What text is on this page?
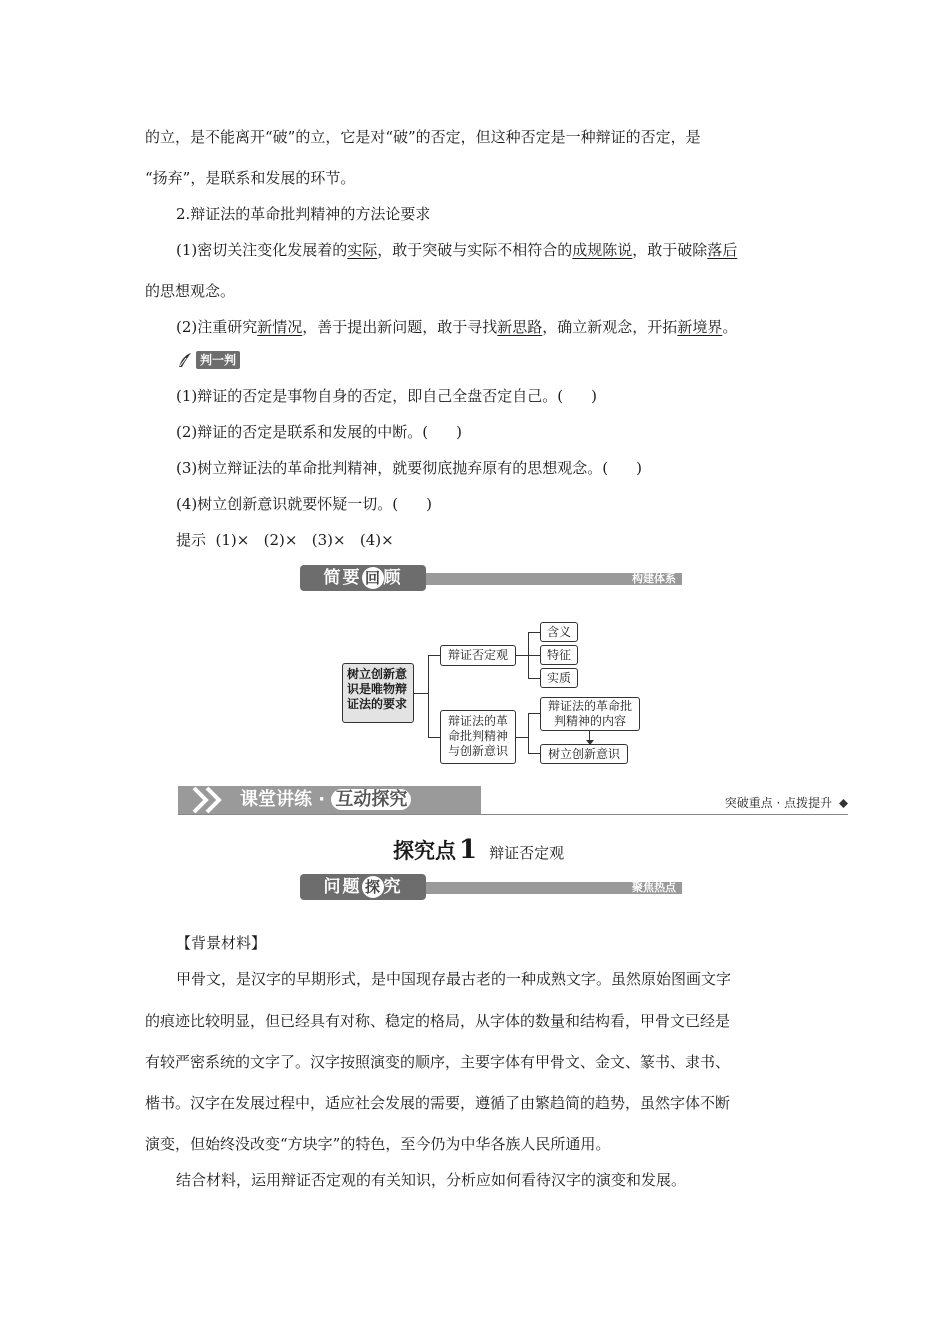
的立，是不能离开“破”的立，它是对“破”的否定，但这种否定是一种辩证的否定，是
“扬弃”，是联系和发展的环节。
2.辩证法的革命批判精神的方法论要求
(1)密切关注变化发展着的实际，敢于突破与实际不相符合的成规陈说，敢于破除落后
的思想观念。
(2)注重研究新情况，善于提出新问题，敢于寻找新思路，确立新观念，开拓新境界。
判一判
(1)辩证的否定是事物自身的否定，即自己全盘否定自己。( )
(2)辩证的否定是联系和发展的中断。( )
(3)树立辩证法的革命批判精神，就要彻底抛弃原有的思想观念。( )
(4)树立创新意识就要怀疑一切。( )
提示  (1)×   (2)×   (3)×   (4)×
简要 回 顾	构建体系
树立创新意识是唯物辩证法的要求
辩证否定观
含义
特征
实质
辩证法的革命批判精神与创新意识
辩证法的革命批判精神的内容
树立创新意识
课堂讲练 · 互动探究	突破重点 · 点拨提升
探究点 1 辩证否定观
问题 探 究	聚焦热点
【背景材料】
甲骨文，是汉字的早期形式，是中国现存最古老的一种成熟文字。虽然原始图画文字
的痕迹比较明显，但已经具有对称、稳定的格局，从字体的数量和结构看，甲骨文已经是
有较严密系统的文字了。汉字按照演变的顺序，主要字体有甲骨文、金文、篆书、隶书、
楷书。汉字在发展过程中，适应社会发展的需要，遵循了由繁趋简的趋势，虽然字体不断
演变，但始终没改变“方块字”的特色，至今仍为中华各族人民所通用。
结合材料，运用辩证否定观的有关知识，分析应如何看待汉字的演变和发展。
